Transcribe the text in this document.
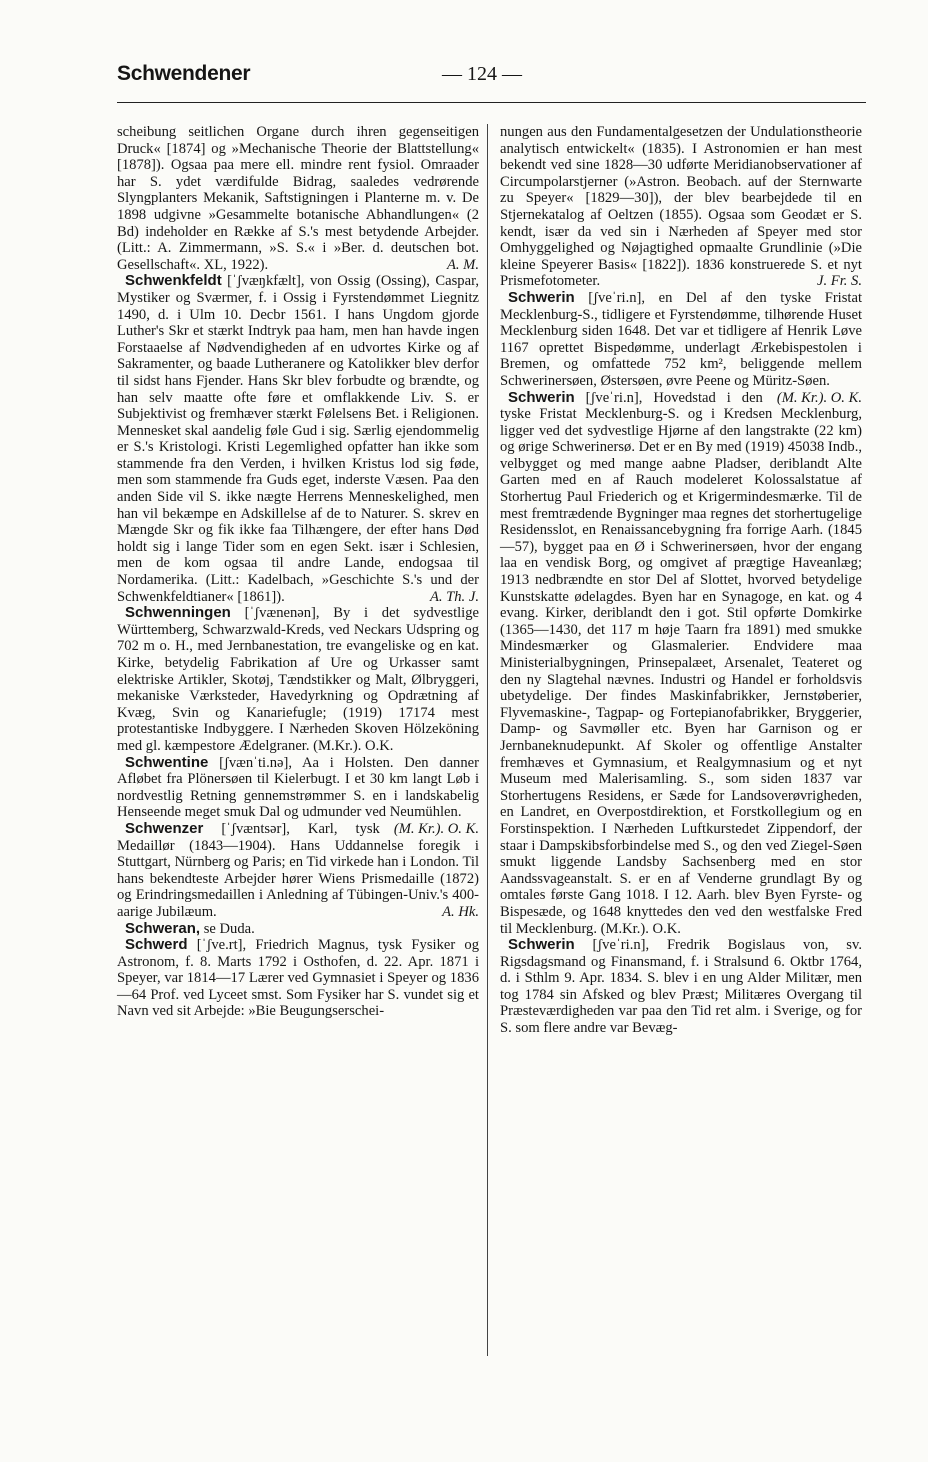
Schwendener	— 124 —

scheibung seitlichen Organe durch ihren gegenseitigen Druck« [1874] og »Mechanische Theorie der Blattstellung« [1878]). Ogsaa paa mere ell. mindre rent fysiol. Omraader har S. ydet værdifulde Bidrag, saaledes vedrørende Slyngplanters Mekanik, Saftstigningen i Planterne m. v. De 1898 udgivne »Gesammelte botanische Abhandlungen« (2 Bd) indeholder en Række af S.'s mest betydende Arbejder. (Litt.: A. Zimmermann, »S. S.« i »Ber. d. deutschen bot. Gesellschaft«. XL, 1922).	A. M.

Schwenkfeldt [ˈʃvæŋkfælt], von Ossig (Ossing), Caspar, Mystiker og Sværmer, f. i Ossig i Fyrstendømmet Liegnitz 1490, d. i Ulm 10. Decbr 1561. I hans Ungdom gjorde Luther's Skr et stærkt Indtryk paa ham, men han havde ingen Forstaaelse af Nødvendigheden af en udvortes Kirke og af Sakramenter, og baade Lutheranere og Katolikker blev derfor til sidst hans Fjender. Hans Skr blev forbudte og brændte, og han selv maatte ofte føre et omflakkende Liv. S. er Subjektivist og fremhæver stærkt Følelsens Bet. i Religionen. Mennesket skal aandelig føle Gud i sig. Særlig ejendommelig er S.'s Kristologi. Kristi Legemlighed opfatter han ikke som stammende fra den Verden, i hvilken Kristus lod sig føde, men som stammende fra Guds eget, inderste Væsen. Paa den anden Side vil S. ikke nægte Herrens Menneskelighed, men han vil bekæmpe en Adskillelse af de to Naturer. S. skrev en Mængde Skr og fik ikke faa Tilhængere, der efter hans Død holdt sig i lange Tider som en egen Sekt. især i Schlesien, men de kom ogsaa til andre Lande, endogsaa til Nordamerika. (Litt.: Kadelbach, »Geschichte S.'s und der Schwenkfeldtianer« [1861]).	A. Th. J.

Schwenningen [ˈʃvænenən], By i det sydvestlige Württemberg, Schwarzwald-Kreds, ved Neckars Udspring og 702 m o. H., med Jernbanestation, tre evangeliske og en kat. Kirke, betydelig Fabrikation af Ure og Urkasser samt elektriske Artikler, Skotøj, Tændstikker og Malt, Ølbryggeri, mekaniske Værksteder, Havedyrkning og Opdrætning af Kvæg, Svin og Kanariefugle; (1919) 17174 mest protestantiske Indbyggere. I Nærheden Skoven Hölzeköning med gl. kæmpestore Ædelgraner. (M.Kr.). O.K.

Schwentine [ʃvænˈti.nə], Aa i Holsten. Den danner Afløbet fra Plönersøen til Kielerbugt. I et 30 km langt Løb i nordvestlig Retning gennemstrømmer S. en i landskabelig Henseende meget smuk Dal og udmunder ved Neumühlen.
(M. Kr.). O. K.

Schwenzer [ˈʃvæntsər], Karl, tysk Medaillør (1843—1904). Hans Uddannelse foregik i Stuttgart, Nürnberg og Paris; en Tid virkede han i London. Til hans bekendteste Arbejder hører Wiens Prismedaille (1872) og Erindringsmedaillen i Anledning af Tübingen-Univ.'s 400-aarige Jubilæum.	A. Hk.

Schweran, se Duda.

Schwerd [ˈʃve.rt], Friedrich Magnus, tysk Fysiker og Astronom, f. 8. Marts 1792 i Osthofen, d. 22. Apr. 1871 i Speyer, var 1814—17 Lærer ved Gymnasiet i Speyer og 1836—64 Prof. ved Lyceet smst. Som Fysiker har S. vundet sig et Navn ved sit Arbejde: »Bie Beugungserschei-

nungen aus den Fundamentalgesetzen der Undulationstheorie analytisch entwickelt« (1835). I Astronomien er han mest bekendt ved sine 1828—30 udførte Meridianobservationer af Circumpolarstjerner (»Astron. Beobach. auf der Sternwarte zu Speyer« [1829—30]), der blev bearbejdede til en Stjernekatalog af Oeltzen (1855). Ogsaa som Geodæt er S. kendt, især da ved sin i Nærheden af Speyer med stor Omhyggelighed og Nøjagtighed opmaalte Grundlinie (»Die kleine Speyerer Basis« [1822]). 1836 konstruerede S. et nyt Prismefotometer.	J. Fr. S.

Schwerin [ʃveˈri.n], en Del af den tyske Fristat Mecklenburg-S., tidligere et Fyrstendømme, tilhørende Huset Mecklenburg siden 1648. Det var et tidligere af Henrik Løve 1167 oprettet Bispedømme, underlagt Ærkebispestolen i Bremen, og omfattede 752 km², beliggende mellem Schwerinersøen, Østersøen, øvre Peene og Müritz-Søen.
(M. Kr.). O. K.

Schwerin [ʃveˈri.n], Hovedstad i den tyske Fristat Mecklenburg-S. og i Kredsen Mecklenburg, ligger ved det sydvestlige Hjørne af den langstrakte (22 km) og ørige Schwerinersø. Det er en By med (1919) 45038 Indb., velbygget og med mange aabne Pladser, deriblandt Alte Garten med en af Rauch modeleret Kolossalstatue af Storhertug Paul Friederich og et Krigermindesmærke. Til de mest fremtrædende Bygninger maa regnes det storhertugelige Residensslot, en Renaissancebygning fra forrige Aarh. (1845—57), bygget paa en Ø i Schwerinersøen, hvor der engang laa en vendisk Borg, og omgivet af prægtige Haveanlæg; 1913 nedbrændte en stor Del af Slottet, hvorved betydelige Kunstskatte ødelagdes. Byen har en Synagoge, en kat. og 4 evang. Kirker, deriblandt den i got. Stil opførte Domkirke (1365—1430, det 117 m høje Taarn fra 1891) med smukke Mindesmærker og Glasmalerier. Endvidere maa Ministerialbygningen, Prinsepalæet, Arsenalet, Teateret og den ny Slagtehal nævnes. Industri og Handel er forholdsvis ubetydelige. Der findes Maskinfabrikker, Jernstøberier, Flyvemaskine-, Tagpap- og Fortepianofabrikker, Bryggerier, Damp- og Savmøller etc. Byen har Garnison og er Jernbaneknudepunkt. Af Skoler og offentlige Anstalter fremhæves et Gymnasium, et Realgymnasium og et nyt Museum med Malerisamling. S., som siden 1837 var Storhertugens Residens, er Sæde for Landsoverøvrigheden, en Landret, en Overpostdirektion, et Forstkollegium og en Forstinspektion. I Nærheden Luftkurstedet Zippendorf, der staar i Dampskibsforbindelse med S., og den ved Ziegel-Søen smukt liggende Landsby Sachsenberg med en stor Aandssvageanstalt. S. er en af Venderne grundlagt By og omtales første Gang 1018. I 12. Aarh. blev Byen Fyrste- og Bispesæde, og 1648 knyttedes den ved den westfalske Fred til Mecklenburg. (M.Kr.). O.K.

Schwerin [ʃveˈri.n], Fredrik Bogislaus von, sv. Rigsdagsmand og Finansmand, f. i Stralsund 6. Oktbr 1764, d. i Sthlm 9. Apr. 1834. S. blev i en ung Alder Militær, men tog 1784 sin Afsked og blev Præst; Militæres Overgang til Præsteværdigheden var paa den Tid ret alm. i Sverige, og for S. som flere andre var Bevæg-
